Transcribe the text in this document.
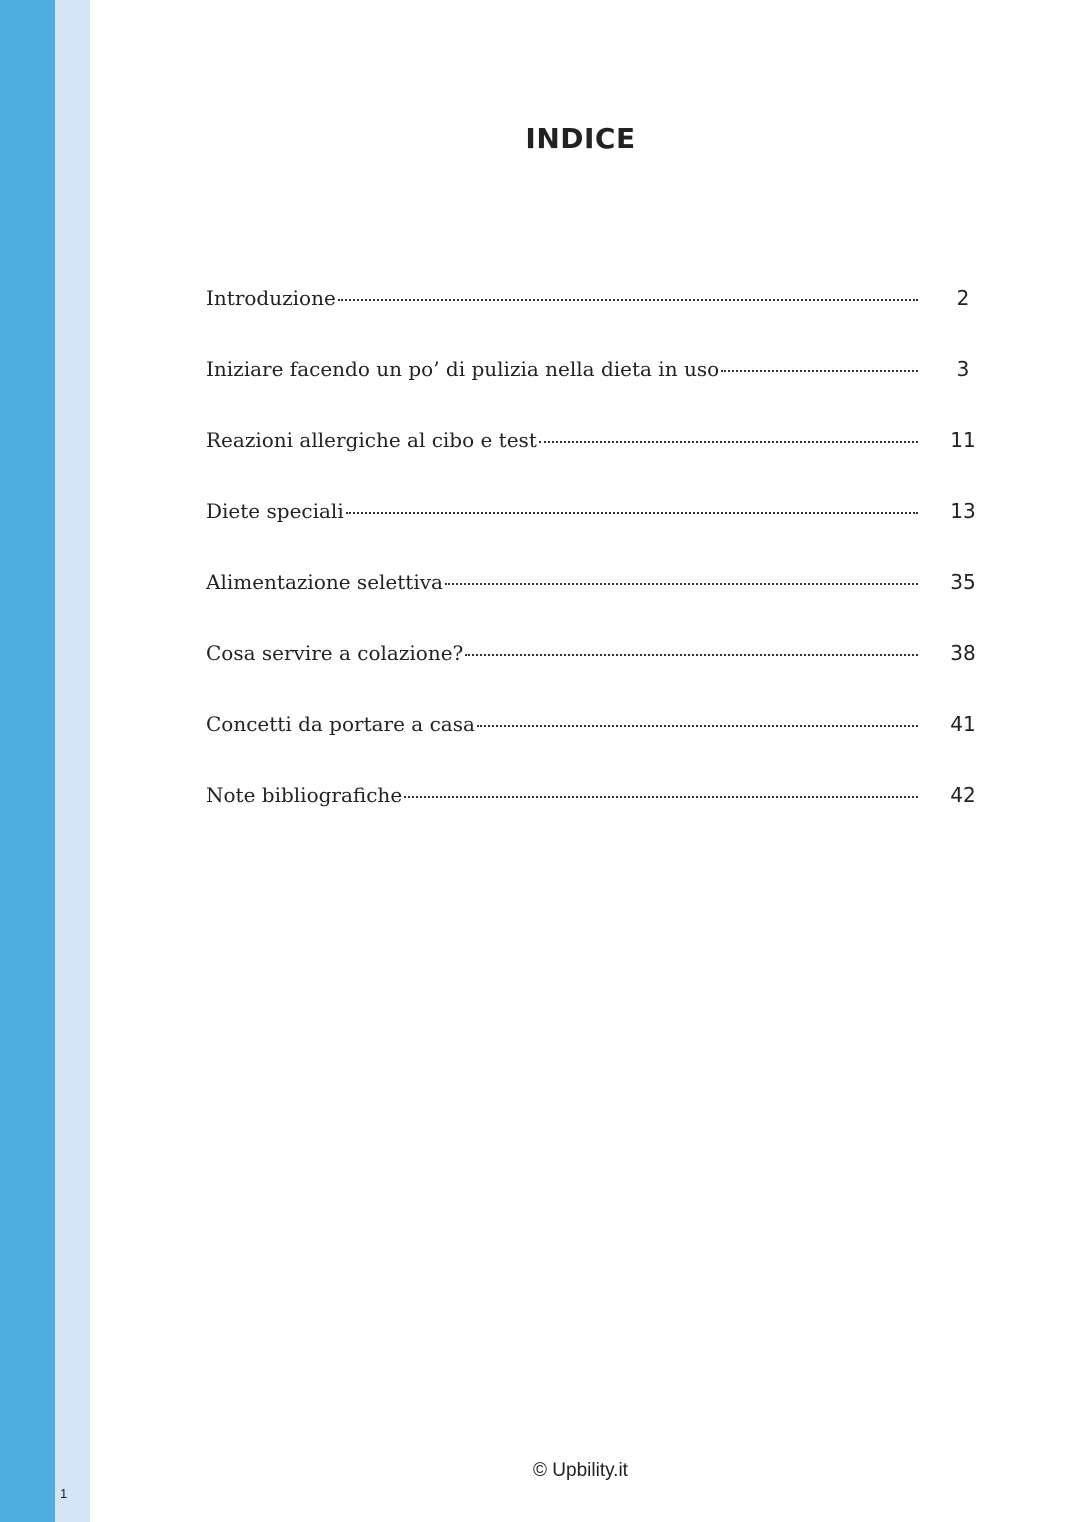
INDICE
Introduzione	2
Iniziare facendo un po’ di pulizia nella dieta in uso	3
Reazioni allergiche al cibo e test	11
Diete speciali	13
Alimentazione selettiva	35
Cosa servire a colazione?	38
Concetti da portare a casa	41
Note bibliografiche	42
© Upbility.it
1
